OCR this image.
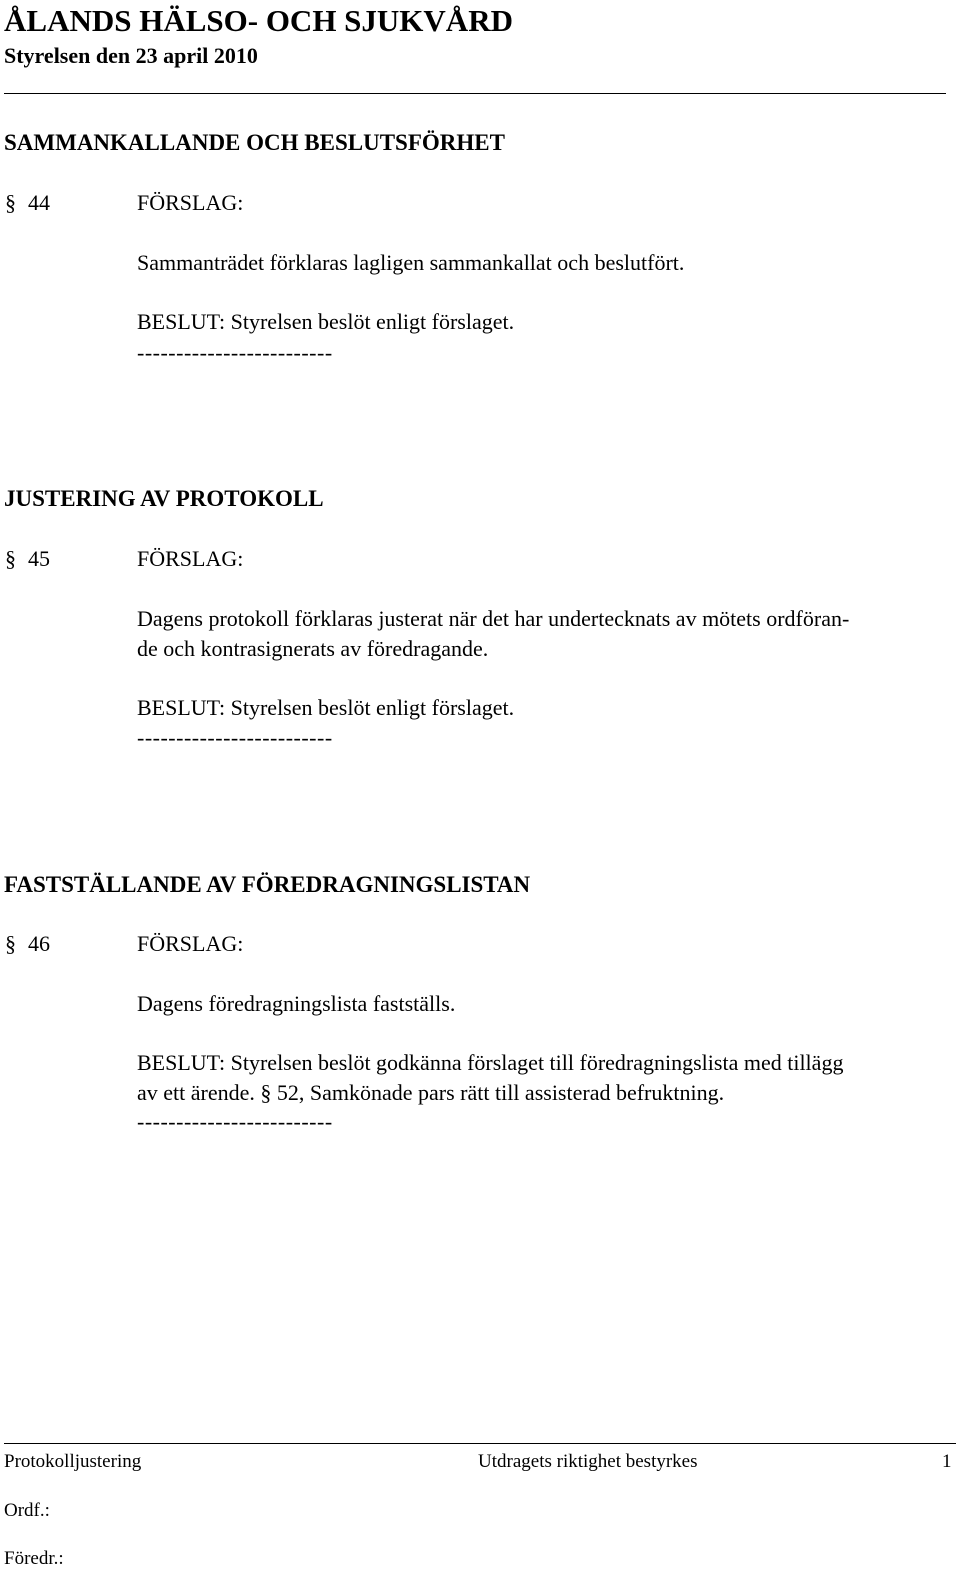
ÅLANDS HÄLSO- OCH SJUKVÅRD
Styrelsen den 23 april 2010
SAMMANKALLANDE OCH BESLUTSFÖRHET
§ 44	FÖRSLAG:
Sammanträdet förklaras lagligen sammankallat och beslutfört.
BESLUT: Styrelsen beslöt enligt förslaget.
-------------------------
JUSTERING AV PROTOKOLL
§ 45	FÖRSLAG:
Dagens protokoll förklaras justerat när det har undertecknats av mötets ordföran-
de och kontrasignerats av föredragande.
BESLUT: Styrelsen beslöt enligt förslaget.
-------------------------
FASTSTÄLLANDE AV FÖREDRAGNINGSLISTAN
§ 46	FÖRSLAG:
Dagens föredragningslista fastställs.
BESLUT: Styrelsen beslöt godkänna förslaget till föredragningslista med tillägg
av ett ärende. § 52, Samkönade pars rätt till assisterad befruktning.
-------------------------
Protokolljustering	Utdragets riktighet bestyrkes	1
Ordf.:
Föredr.:
